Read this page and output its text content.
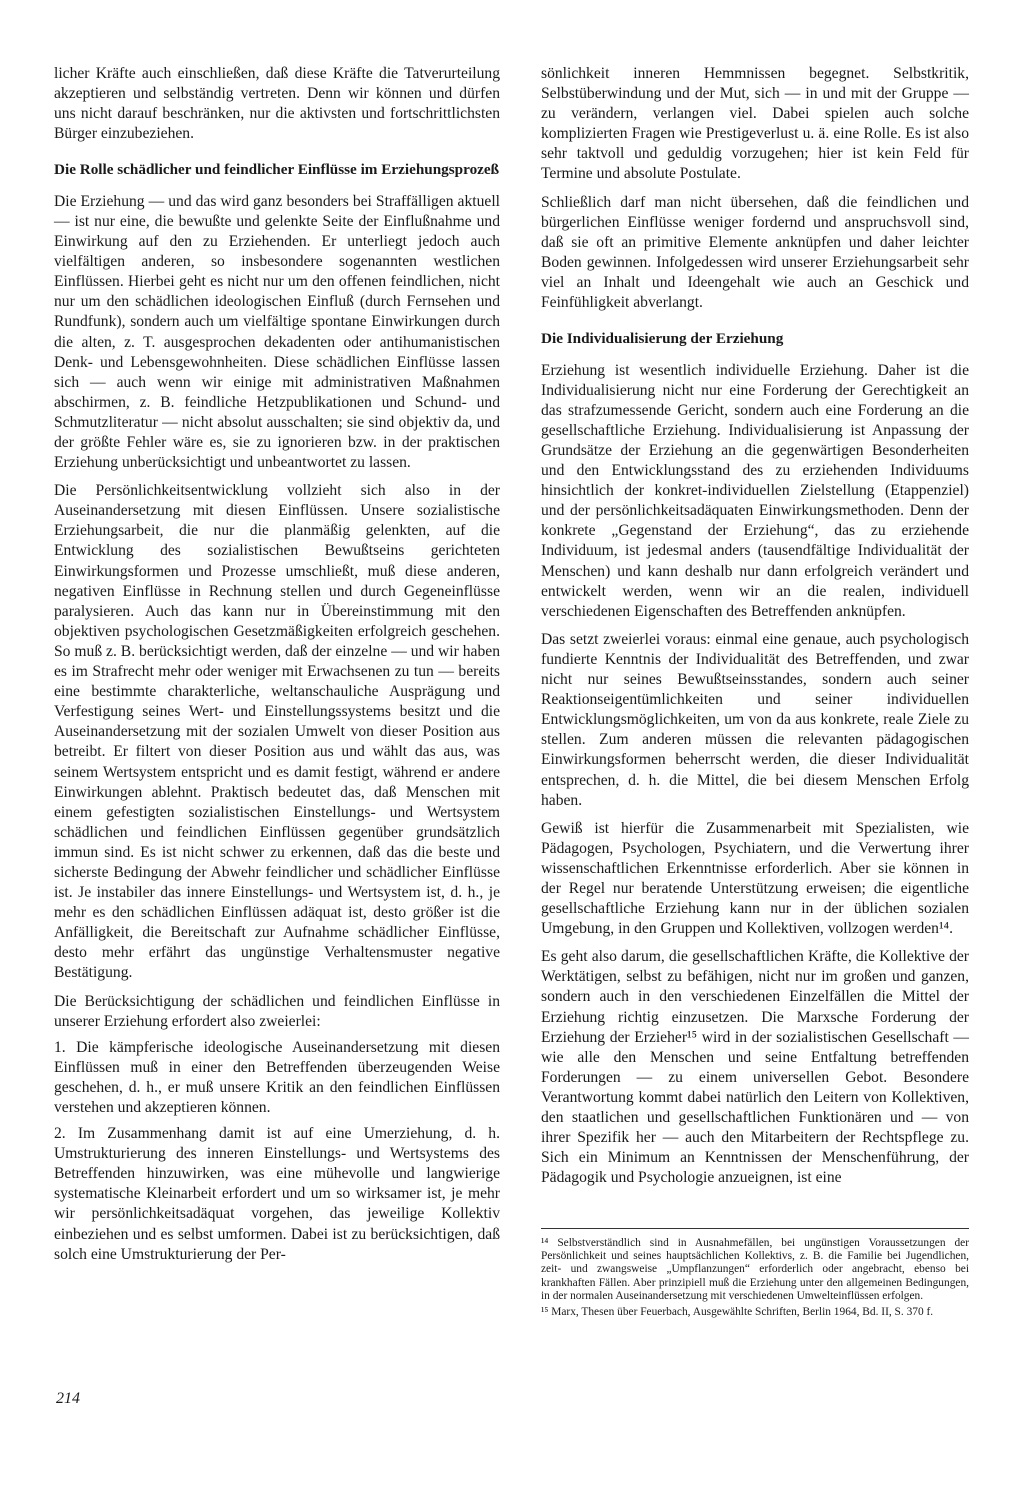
licher Kräfte auch einschließen, daß diese Kräfte die Tatverurteilung akzeptieren und selbständig vertreten. Denn wir können und dürfen uns nicht darauf beschränken, nur die aktivsten und fortschrittlichsten Bürger einzubeziehen.

Die Rolle schädlicher und feindlicher Einflüsse im Erziehungsprozeß

Die Erziehung — und das wird ganz besonders bei Straffälligen aktuell — ist nur eine, die bewußte und gelenkte Seite der Einflußnahme und Einwirkung auf den zu Erziehenden. Er unterliegt jedoch auch vielfältigen anderen, so insbesondere sogenannten westlichen Einflüssen. Hierbei geht es nicht nur um den offenen feindlichen, nicht nur um den schädlichen ideologischen Einfluß (durch Fernsehen und Rundfunk), sondern auch um vielfältige spontane Einwirkungen durch die alten, z. T. ausgesprochen dekadenten oder antihumanistischen Denk- und Lebensgewohnheiten. Diese schädlichen Einflüsse lassen sich — auch wenn wir einige mit administrativen Maßnahmen abschirmen, z. B. feindliche Hetzpublikationen und Schund- und Schmutzliteratur — nicht absolut ausschalten; sie sind objektiv da, und der größte Fehler wäre es, sie zu ignorieren bzw. in der praktischen Erziehung unberücksichtigt und unbeantwortet zu lassen.

Die Persönlichkeitsentwicklung vollzieht sich also in der Auseinandersetzung mit diesen Einflüssen. Unsere sozialistische Erziehungsarbeit, die nur die planmäßig gelenkten, auf die Entwicklung des sozialistischen Bewußtseins gerichteten Einwirkungsformen und Prozesse umschließt, muß diese anderen, negativen Einflüsse in Rechnung stellen und durch Gegeneinflüsse paralysieren. Auch das kann nur in Übereinstimmung mit den objektiven psychologischen Gesetzmäßigkeiten erfolgreich geschehen. So muß z. B. berücksichtigt werden, daß der einzelne — und wir haben es im Strafrecht mehr oder weniger mit Erwachsenen zu tun — bereits eine bestimmte charakterliche, weltanschauliche Ausprägung und Verfestigung seines Wert- und Einstellungssystems besitzt und die Auseinandersetzung mit der sozialen Umwelt von dieser Position aus betreibt. Er filtert von dieser Position aus und wählt das aus, was seinem Wertsystem entspricht und es damit festigt, während er andere Einwirkungen ablehnt. Praktisch bedeutet das, daß Menschen mit einem gefestigten sozialistischen Einstellungs- und Wertsystem schädlichen und feindlichen Einflüssen gegenüber grundsätzlich immun sind. Es ist nicht schwer zu erkennen, daß das die beste und sicherste Bedingung der Abwehr feindlicher und schädlicher Einflüsse ist. Je instabiler das innere Einstellungs- und Wertsystem ist, d. h., je mehr es den schädlichen Einflüssen adäquat ist, desto größer ist die Anfälligkeit, die Bereitschaft zur Aufnahme schädlicher Einflüsse, desto mehr erfährt das ungünstige Verhaltensmuster negative Bestätigung.

Die Berücksichtigung der schädlichen und feindlichen Einflüsse in unserer Erziehung erfordert also zweierlei:

1. Die kämpferische ideologische Auseinandersetzung mit diesen Einflüssen muß in einer den Betreffenden überzeugenden Weise geschehen, d. h., er muß unsere Kritik an den feindlichen Einflüssen verstehen und akzeptieren können.

2. Im Zusammenhang damit ist auf eine Umerziehung, d. h. Umstrukturierung des inneren Einstellungs- und Wertsystems des Betreffenden hinzuwirken, was eine mühevolle und langwierige systematische Kleinarbeit erfordert und um so wirksamer ist, je mehr wir persönlichkeitsadäquat vorgehen, das jeweilige Kollektiv einbeziehen und es selbst umformen. Dabei ist zu berücksichtigen, daß solch eine Umstrukturierung der Per-

sönlichkeit inneren Hemmnissen begegnet. Selbstkritik, Selbstüberwindung und der Mut, sich — in und mit der Gruppe — zu verändern, verlangen viel. Dabei spielen auch solche komplizierten Fragen wie Prestigeverlust u. ä. eine Rolle. Es ist also sehr taktvoll und geduldig vorzugehen; hier ist kein Feld für Termine und absolute Postulate.

Schließlich darf man nicht übersehen, daß die feindlichen und bürgerlichen Einflüsse weniger fordernd und anspruchsvoll sind, daß sie oft an primitive Elemente anknüpfen und daher leichter Boden gewinnen. Infolgedessen wird unserer Erziehungsarbeit sehr viel an Inhalt und Ideengehalt wie auch an Geschick und Feinfühligkeit abverlangt.

Die Individualisierung der Erziehung

Erziehung ist wesentlich individuelle Erziehung. Daher ist die Individualisierung nicht nur eine Forderung der Gerechtigkeit an das strafzumessende Gericht, sondern auch eine Forderung an die gesellschaftliche Erziehung. Individualisierung ist Anpassung der Grundsätze der Erziehung an die gegenwärtigen Besonderheiten und den Entwicklungsstand des zu erziehenden Individuums hinsichtlich der konkret-individuellen Zielstellung (Etappenziel) und der persönlichkeitsadäquaten Einwirkungsmethoden. Denn der konkrete „Gegenstand der Erziehung“, das zu erziehende Individuum, ist jedesmal anders (tausendfältige Individualität der Menschen) und kann deshalb nur dann erfolgreich verändert und entwickelt werden, wenn wir an die realen, individuell verschiedenen Eigenschaften des Betreffenden anknüpfen.

Das setzt zweierlei voraus: einmal eine genaue, auch psychologisch fundierte Kenntnis der Individualität des Betreffenden, und zwar nicht nur seines Bewußtseinsstandes, sondern auch seiner Reaktionseigentümlichkeiten und seiner individuellen Entwicklungsmöglichkeiten, um von da aus konkrete, reale Ziele zu stellen. Zum anderen müssen die relevanten pädagogischen Einwirkungsformen beherrscht werden, die dieser Individualität entsprechen, d. h. die Mittel, die bei diesem Menschen Erfolg haben.

Gewiß ist hierfür die Zusammenarbeit mit Spezialisten, wie Pädagogen, Psychologen, Psychiatern, und die Verwertung ihrer wissenschaftlichen Erkenntnisse erforderlich. Aber sie können in der Regel nur beratende Unterstützung erweisen; die eigentliche gesellschaftliche Erziehung kann nur in der üblichen sozialen Umgebung, in den Gruppen und Kollektiven, vollzogen werden¹⁴.

Es geht also darum, die gesellschaftlichen Kräfte, die Kollektive der Werktätigen, selbst zu befähigen, nicht nur im großen und ganzen, sondern auch in den verschiedenen Einzelfällen die Mittel der Erziehung richtig einzusetzen. Die Marxsche Forderung der Erziehung der Erzieher¹⁵ wird in der sozialistischen Gesellschaft — wie alle den Menschen und seine Entfaltung betreffenden Forderungen — zu einem universellen Gebot. Besondere Verantwortung kommt dabei natürlich den Leitern von Kollektiven, den staatlichen und gesellschaftlichen Funktionären und — von ihrer Spezifik her — auch den Mitarbeitern der Rechtspflege zu. Sich ein Minimum an Kenntnissen der Menschenführung, der Pädagogik und Psychologie anzueignen, ist eine

¹⁴ Selbstverständlich sind in Ausnahmefällen, bei ungünstigen Voraussetzungen der Persönlichkeit und seines hauptsächlichen Kollektivs, z. B. die Familie bei Jugendlichen, zeit- und zwangsweise „Umpflanzungen“ erforderlich oder angebracht, ebenso bei krankhaften Fällen. Aber prinzipiell muß die Erziehung unter den allgemeinen Bedingungen, in der normalen Auseinandersetzung mit verschiedenen Umwelteinflüssen erfolgen.

¹⁵ Marx, Thesen über Feuerbach, Ausgewählte Schriften, Berlin 1964, Bd. II, S. 370 f.

214
